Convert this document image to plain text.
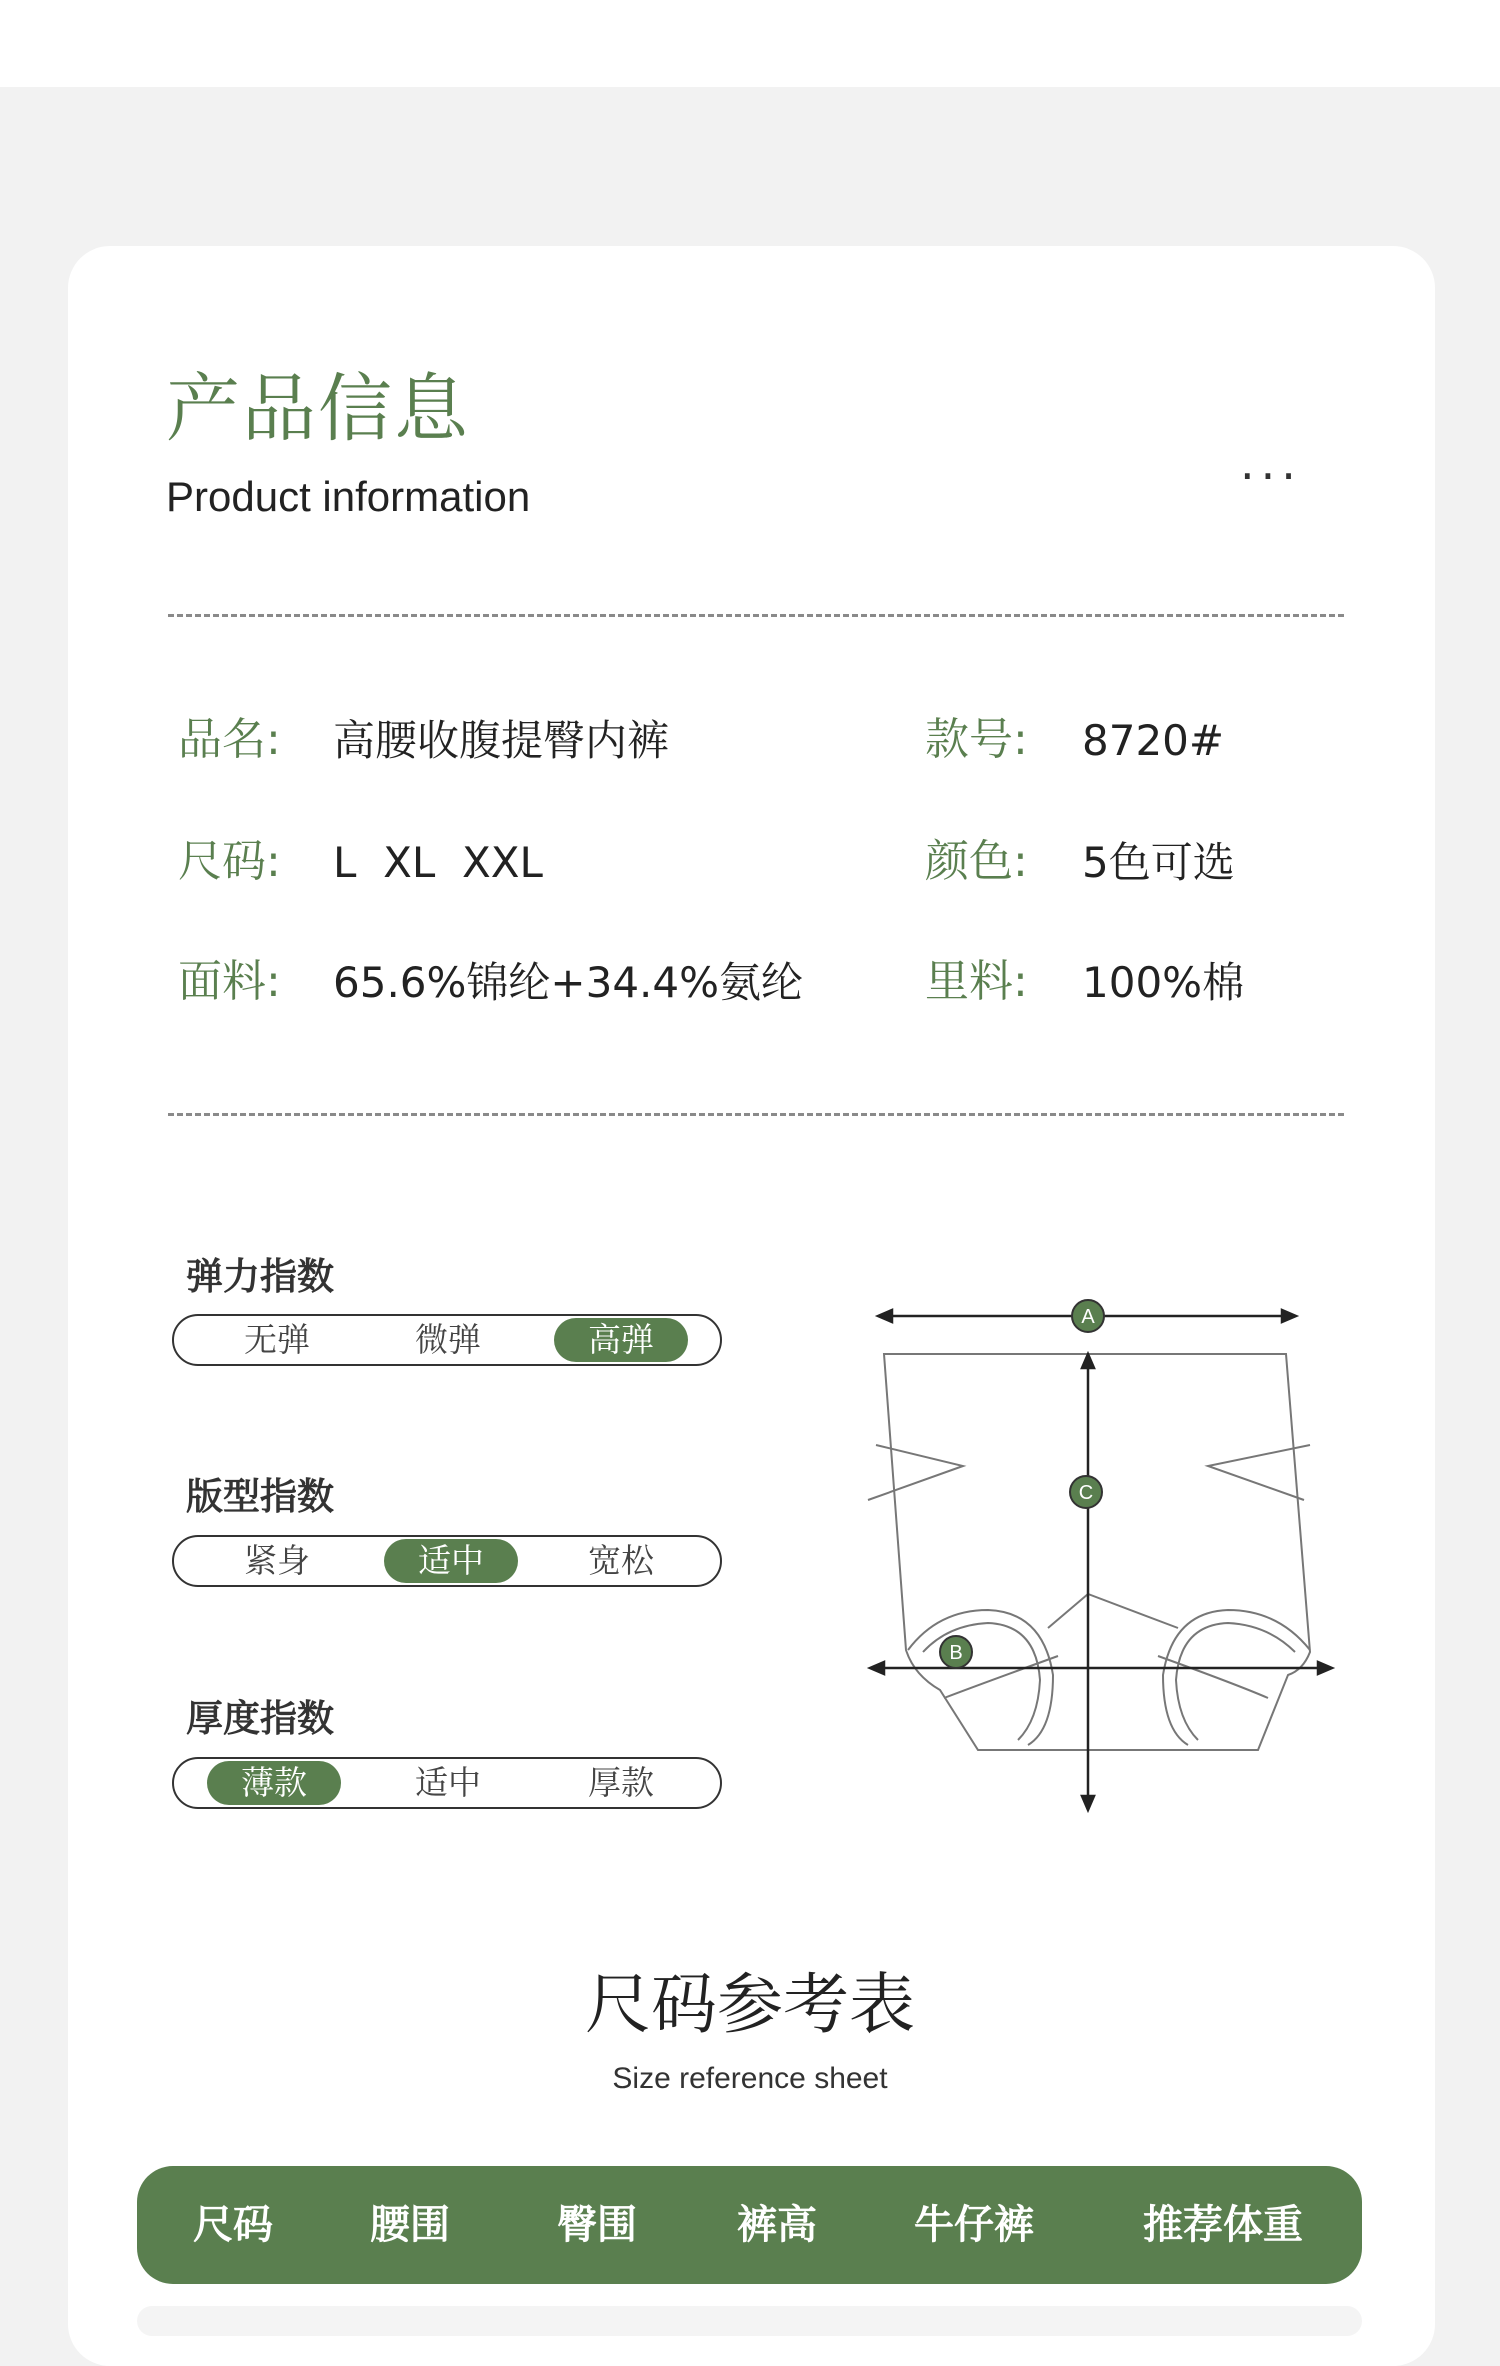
产品信息
Product information
...
品名: 高腰收腹提臀内裤	款号: 8720#
尺码: L  XL  XXL	颜色: 5色可选
面料: 65.6%锦纶+34.4%氨纶	里料: 100%棉
弹力指数
无弹	微弹	高弹
版型指数
紧身	适中	宽松
厚度指数
薄款	适中	厚款
A
C
B
尺码参考表
Size reference sheet
尺码 腰围	臀围	裤高 牛仔裤	推荐体重
